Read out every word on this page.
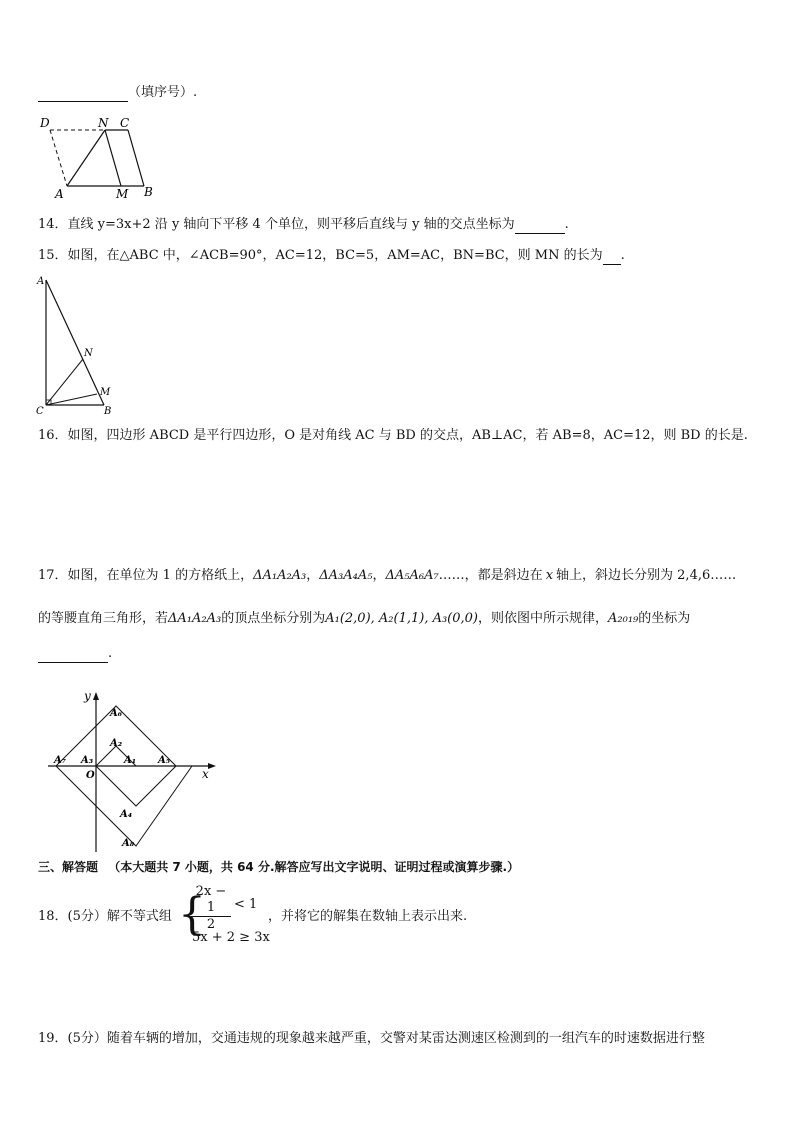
（填序号）.
D	N C
A	M B
14．直线 y=3x+2 沿 y 轴向下平移 4 个单位，则平移后直线与 y 轴的交点坐标为	.
15．如图，在△ABC 中，∠ACB=90°，AC=12，BC=5，AM=AC，BN=BC，则 MN 的长为 .
A
N
M
C	B
16．如图，四边形 ABCD 是平行四边形，O 是对角线 AC 与 BD 的交点，AB⊥AC，若 AB=8，AC=12，则 BD 的长是.
17．如图，在单位为 1 的方格纸上，ΔA₁A₂A₃，ΔA₃A₄A₅，ΔA₅A₆A₇……，都是斜边在 x 轴上，斜边长分别为 2,4,6……
的等腰直角三角形，若ΔA₁A₂A₃的顶点坐标分别为A₁(2,0), A₂(1,1), A₃(0,0)，则依图中所示规律，A₂₀₁₉的坐标为
.
y
x
O
A₁
A₂
A₃
A₄
A₅
A₆
A₇
A₈
三、解答题 （本大题共 7 小题，共 64 分.解答应写出文字说明、证明过程或演算步骤.）
18．(5分）解不等式组 {
$\frac{2x - 1}{2} < 1$
5x + 2 ≥ 3x
，并将它的解集在数轴上表示出来.
19．(5分）随着车辆的增加，交通违规的现象越来越严重，交警对某雷达测速区检测到的一组汽车的时速数据进行整
